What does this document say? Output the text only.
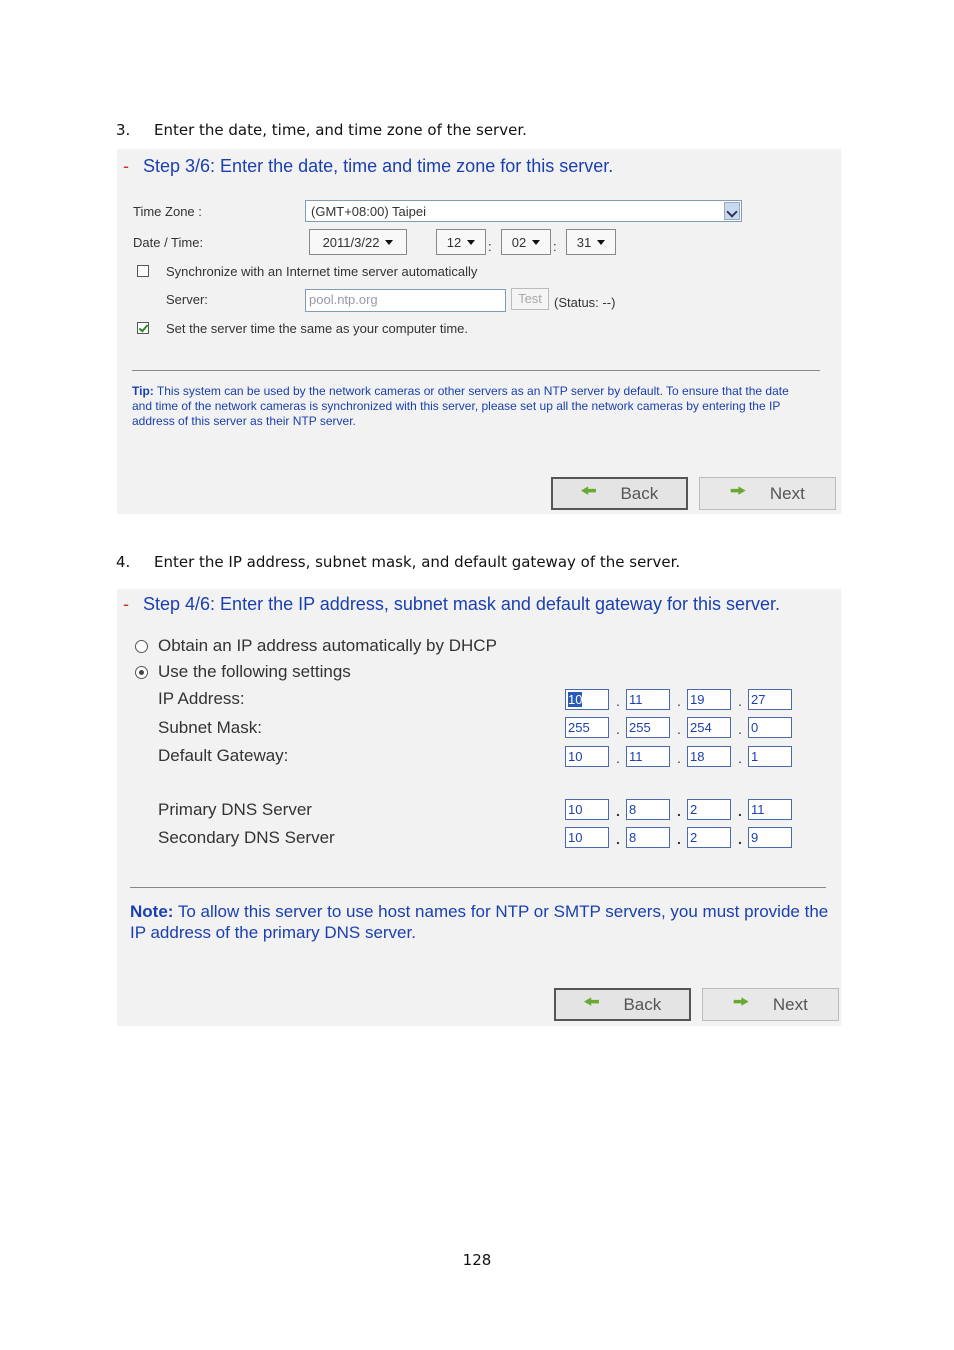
3. Enter the date, time, and time zone of the server.
- Step 3/6: Enter the date, time and time zone for this server.
Time Zone :	(GMT+08:00) Taipei
Date / Time:	2011/3/22	12 : 02 : 31
Synchronize with an Internet time server automatically
Server:	pool.ntp.org	Test (Status: --)
Set the server time the same as your computer time.
Tip: This system can be used by the network cameras or other servers as an NTP server by default. To ensure that the date and time of the network cameras is synchronized with this server, please set up all the network cameras by entering the IP address of this server as their NTP server.
🠘 Back	🠚 Next
4. Enter the IP address, subnet mask, and default gateway of the server.
- Step 4/6: Enter the IP address, subnet mask and default gateway for this server.
Obtain an IP address automatically by DHCP
Use the following settings
IP Address:	10	. 11	. 19	. 27
Subnet Mask:	255	. 255	. 254	. 0
Default Gateway:	10	. 11	. 18	. 1
Primary DNS Server	10	. 8	. 2	. 11
Secondary DNS Server	10	. 8	. 2	. 9
Note: To allow this server to use host names for NTP or SMTP servers, you must provide the IP address of the primary DNS server.
🠘 Back	🠚 Next
128
